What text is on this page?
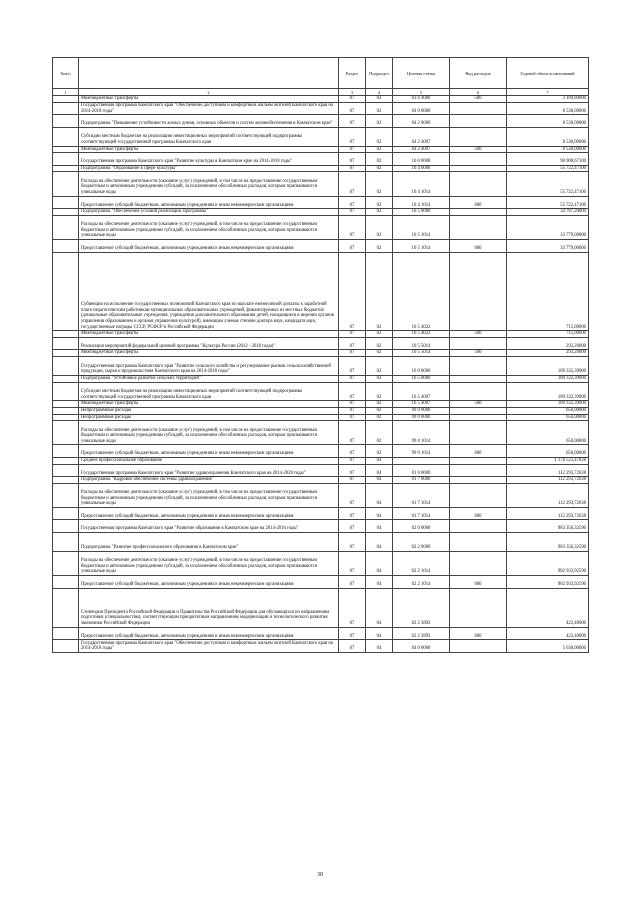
№п/п		Раздел	Подраздел	Целевая статья	Вид расходов	Годовой объем ассигнований
1	2	3	4	5	6	7
	Межбюджетные трансферты	07	02	03 6 4006	500	3 189,80000
	Государственная программа Камчатского края "Обеспечение доступным и комфортным жильем жителей Камчатского края на 2014-2018 годы"	07	02	04 0 0000		8 530,00000
	Подпрограмма "Повышение устойчивости жилых домов, основных объектов и систем жизнеобеспечения в Камчатском крае"	07	02	04 2 0000		8 530,00000
	Субсидии местным бюджетам на реализацию инвестиционных мероприятий соответствующей подпрограммы соответствующей государственной программы Камчатского края	07	02	04 2 4007		8 530,00000
	Межбюджетные трансферты	07	02	04 2 4007	500	8 530,00000
	Государственная программа Камчатского края "Развитие культуры в Камчатском крае на 2014-2018 годы"	07	02	10 0 0000		90 908,67100
	Подпрограмма "Образование в сфере культуры"	07	02	10 4 0000		55 722,47100
	Расходы на обеспечение деятельности (оказание услуг) учреждений, в том числе на предоставление государственным бюджетным и автономным учреждениям субсидий, за исключением обособленных расходов, которым присваиваются уникальные коды	07	02	10 4 1014		55 722,47100
	Предоставление субсидий бюджетным, автономным учреждениям и иным некоммерческим организациям	07	02	10 4 1014	600	55 722,47100
	Подпрограмма "Обеспечение условий реализации Программы"	07	02	10 5 0000		34 787,20000
	Расходы на обеспечение деятельности (оказание услуг) учреждений, в том числе на предоставление государственным бюджетным и автономным учреждениям субсидий, за исключением обособленных расходов, которым присваиваются уникальные коды	07	02	10 5 1014		33 779,00000
	Предоставление субсидий бюджетным, автономным учреждениям и иным некоммерческим организациям	07	02	10 5 1014	600	33 779,00000
	Субвенции на исполнение государственных полномочий Камчатского края по выплате ежемесячной доплаты к заработной плате педагогическим работникам муниципальных образовательных учреждений, финансируемых из местных бюджетов (дошкольные образовательные учреждения, учреждения дополнительного образования детей, находящиеся в ведении органов управления образованием и органов управления культурой), имеющим ученые степени доктора наук, кандидата наук, государственные награды СССР, РСФСР и Российской Федерации	07	02	10 5 4022		715,00000
	Межбюджетные трансферты	07	02	10 5 4022	500	715,00000
	Реализация мероприятий федеральной целевой программы "Культура России (2012 - 2018 годы)"	07	02	10 5 5014		293,20000
	Межбюджетные трансферты	07	02	10 5 5014	500	293,20000
	Государственная программа Камчатского края "Развитие сельского хозяйства и регулирование рынков сельскохозяйственной продукции, сырья и продовольствия Камчатского края на 2014-2018 годы"	07	02	16 0 0000		189 332,39000
	Подпрограмма "Устойчивое развитие сельских территорий"	07	02	16 5 0000		189 332,39000
	Субсидии местным бюджетам на реализацию инвестиционных мероприятий соответствующей подпрограммы соответствующей государственной программы Камчатского края	07	02	16 5 4007		189 332,39000
	Межбюджетные трансферты	07	02	16 5 4007	500	189 332,39000
	Непрограммные расходы	07	02	99 0 0000		650,00000
	Непрограммные расходы	07	02	99 0 0000		650,00000
	Расходы на обеспечение деятельности (оказание услуг) учреждений, в том числе на предоставление государственным бюджетным и автономным учреждениям субсидий, за исключением обособленных расходов, которым присваиваются уникальные коды	07	02	99 0 1014		650,00000
	Предоставление субсидий бюджетным, автономным учреждениям и иным некоммерческим организациям	07	02	99 0 1014	600	650,00000
	Среднее профессиональное образование	07	04			1 178 523,47828
	Государственная программа Камчатского края "Развитие здравоохранения Камчатского края на 2014-2020 годы"	07	04	01 0 0000		112 293,72638
	Подпрограмма "Кадровое обеспечение системы здравоохранения"	07	04	01 7 0000		112 293,72638
	Расходы на обеспечение деятельности (оказание услуг) учреждений, в том числе на предоставление государственным бюджетным и автономным учреждениям субсидий, за исключением обособленных расходов, которым присваиваются уникальные коды	07	04	01 7 1014		112 293,72638
	Предоставление субсидий бюджетным, автономным учреждениям и иным некоммерческим организациям	07	04	01 7 1014	600	112 293,72638
	Государственная программа Камчатского края "Развитие образования в Камчатском крае на 2014-2016 годы"	07	04	02 0 0000		983 356,32590
	Подпрограмма "Развитие профессионального образования в Камчатском крае"	07	04	02 2 0000		983 356,32590
	Расходы на обеспечение деятельности (оказание услуг) учреждений, в том числе на предоставление государственным бюджетным и автономным учреждениям субсидий, за исключением обособленных расходов, которым присваиваются уникальные коды	07	04	02 2 1014		982 933,92590
	Предоставление субсидий бюджетным, автономным учреждениям и иным некоммерческим организациям	07	04	02 2 1014	600	982 933,92590
	Стипендии Президента Российской Федерации и Правительства Российской Федерации для обучающихся по направлениям подготовки (специальностям), соответствующим приоритетным направлениям модернизации и технологического развития экономики Российской Федерации	07	04	02 2 3893		422,40000
	Предоставление субсидий бюджетным, автономным учреждениям и иным некоммерческим организациям	07	04	02 2 3893	600	422,40000
	Государственная программа Камчатского края "Обеспечение доступным и комфортным жильем жителей Камчатского края на 2014-2018 годы"	07	04	04 0 0000		5 630,00000
30
